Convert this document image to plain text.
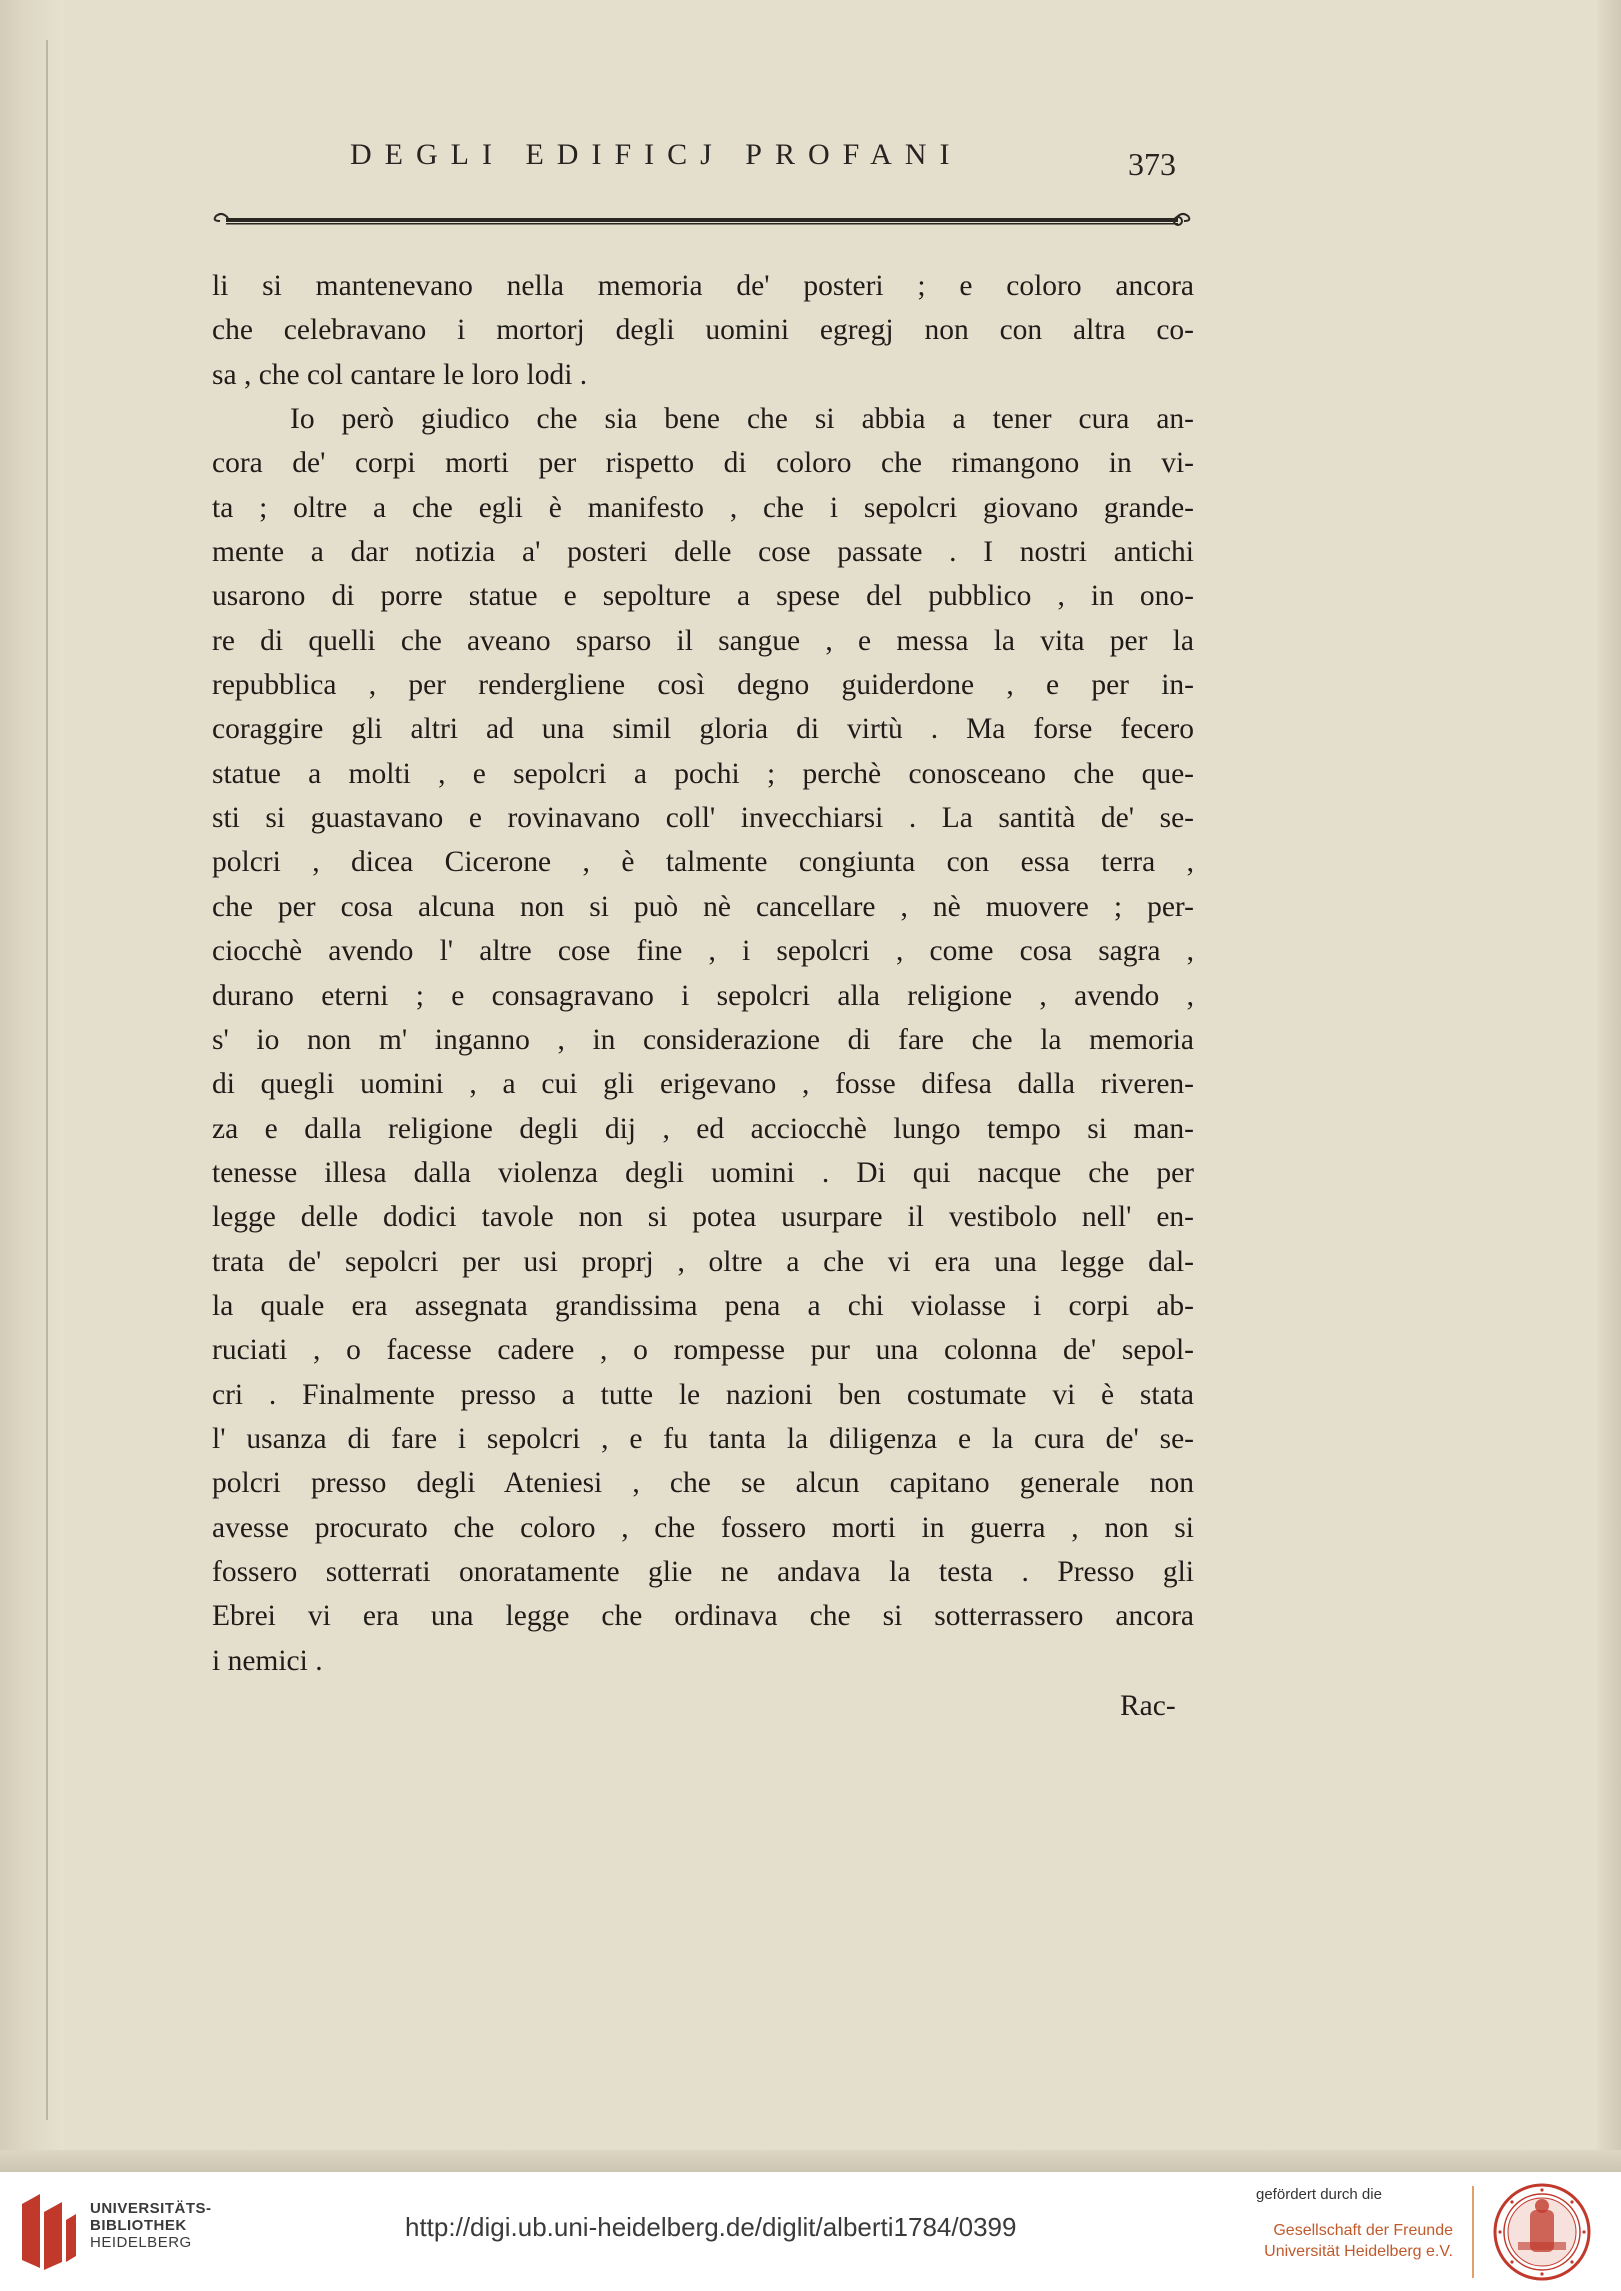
DEGLI EDIFICJ PROFANI	373
li si mantenevano nella memoria de' posteri ; e coloro ancora
che celebravano i mortorj degli uomini egregj non con altra co-
sa , che col cantare le loro lodi .
Io però giudico che sia bene che si abbia a tener cura an-
cora de' corpi morti per rispetto di coloro che rimangono in vi-
ta ; oltre a che egli è manifesto , che i sepolcri giovano grande-
mente a dar notizia a' posteri delle cose passate . I nostri antichi
usarono di porre statue e sepolture a spese del pubblico , in ono-
re di quelli che aveano sparso il sangue , e messa la vita per la
repubblica , per rendergliene così degno guiderdone , e per in-
coraggire gli altri ad una simil gloria di virtù . Ma forse fecero
statue a molti , e sepolcri a pochi ; perchè conosceano che que-
sti si guastavano e rovinavano coll' invecchiarsi . La santità de' se-
polcri , dicea Cicerone , è talmente congiunta con essa terra ,
che per cosa alcuna non si può nè cancellare , nè muovere ; per-
ciocchè avendo l' altre cose fine , i sepolcri , come cosa sagra ,
durano eterni ; e consagravano i sepolcri alla religione , avendo ,
s' io non m' inganno , in considerazione di fare che la memoria
di quegli uomini , a cui gli erigevano , fosse difesa dalla riveren-
za e dalla religione degli dij , ed acciocchè lungo tempo si man-
tenesse illesa dalla violenza degli uomini . Di qui nacque che per
legge delle dodici tavole non si potea usurpare il vestibolo nell' en-
trata de' sepolcri per usi proprj , oltre a che vi era una legge dal-
la quale era assegnata grandissima pena a chi violasse i corpi ab-
ruciati , o facesse cadere , o rompesse pur una colonna de' sepol-
cri . Finalmente presso a tutte le nazioni ben costumate vi è stata
l' usanza di fare i sepolcri , e fu tanta la diligenza e la cura de' se-
polcri presso degli Ateniesi , che se alcun capitano generale non
avesse procurato che coloro , che fossero morti in guerra , non si
fossero sotterrati onoratamente glie ne andava la testa . Presso gli
Ebrei vi era una legge che ordinava che si sotterrassero ancora
i nemici .
Rac-
UNIVERSITÄTS-
BIBLIOTHEK
HEIDELBERG
http://digi.ub.uni-heidelberg.de/diglit/alberti1784/0399
gefördert durch die
Gesellschaft der Freunde
Universität Heidelberg e.V.
